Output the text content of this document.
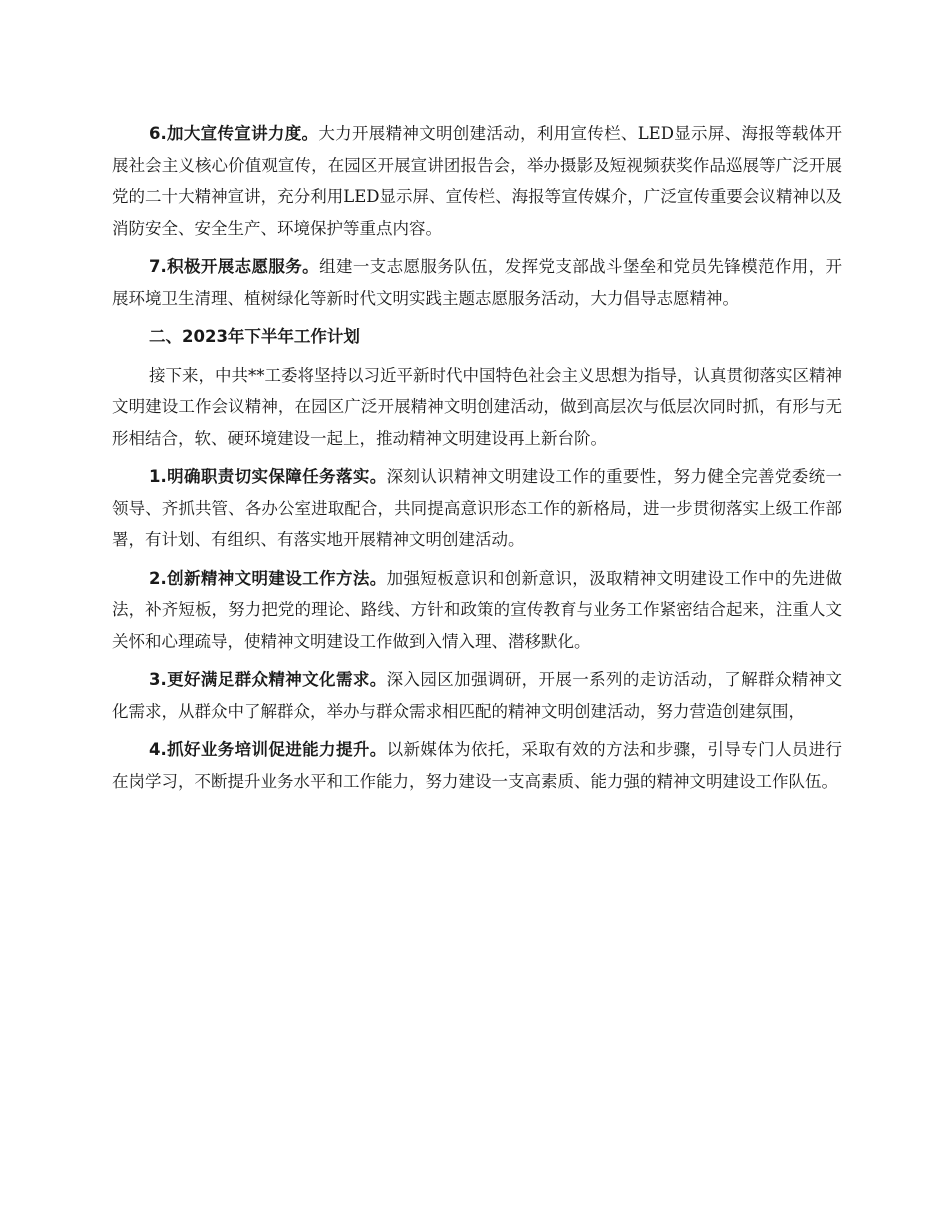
6.加大宣传宣讲力度。大力开展精神文明创建活动，利用宣传栏、LED显示屏、海报等载体开展社会主义核心价值观宣传，在园区开展宣讲团报告会，举办摄影及短视频获奖作品巡展等广泛开展党的二十大精神宣讲，充分利用LED显示屏、宣传栏、海报等宣传媒介，广泛宣传重要会议精神以及消防安全、安全生产、环境保护等重点内容。

7.积极开展志愿服务。组建一支志愿服务队伍，发挥党支部战斗堡垒和党员先锋模范作用，开展环境卫生清理、植树绿化等新时代文明实践主题志愿服务活动，大力倡导志愿精神。

二、2023年下半年工作计划

接下来，中共**工委将坚持以习近平新时代中国特色社会主义思想为指导，认真贯彻落实区精神文明建设工作会议精神，在园区广泛开展精神文明创建活动，做到高层次与低层次同时抓，有形与无形相结合，软、硬环境建设一起上，推动精神文明建设再上新台阶。

1.明确职责切实保障任务落实。深刻认识精神文明建设工作的重要性，努力健全完善党委统一领导、齐抓共管、各办公室进取配合，共同提高意识形态工作的新格局，进一步贯彻落实上级工作部署，有计划、有组织、有落实地开展精神文明创建活动。

2.创新精神文明建设工作方法。加强短板意识和创新意识，汲取精神文明建设工作中的先进做法，补齐短板，努力把党的理论、路线、方针和政策的宣传教育与业务工作紧密结合起来，注重人文关怀和心理疏导，使精神文明建设工作做到入情入理、潜移默化。

3.更好满足群众精神文化需求。深入园区加强调研，开展一系列的走访活动，了解群众精神文化需求，从群众中了解群众，举办与群众需求相匹配的精神文明创建活动，努力营造创建氛围，

4.抓好业务培训促进能力提升。以新媒体为依托，采取有效的方法和步骤，引导专门人员进行在岗学习，不断提升业务水平和工作能力，努力建设一支高素质、能力强的精神文明建设工作队伍。
